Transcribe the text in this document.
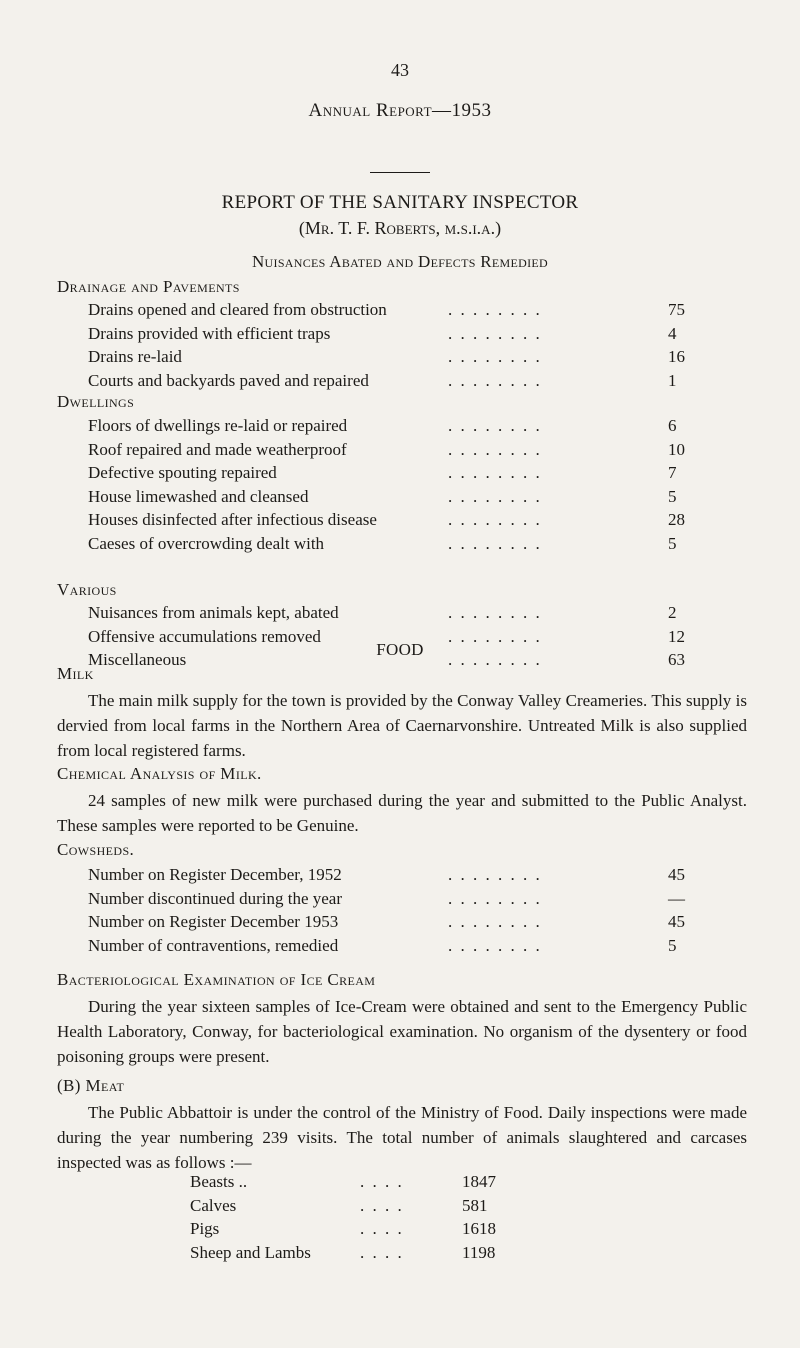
43
Annual Report—1953
REPORT OF THE SANITARY INSPECTOR
(Mr. T. F. Roberts, m.s.i.a.)
Nuisances Abated and Defects Remedied
Drainage and Pavements
Drains opened and cleared from obstruction	. . . . . . . .	75
Drains provided with efficient traps	. . . . . . . .	4
Drains re-laid	. . . . . . . .	16
Courts and backyards paved and repaired	. . . . . . . .	1
Dwellings
Floors of dwellings re-laid or repaired	. . . . . . . .	6
Roof repaired and made weatherproof	. . . . . . . .	10
Defective spouting repaired	. . . . . . . .	7
House limewashed and cleansed	. . . . . . . .	5
Houses disinfected after infectious disease	. . . . . . . .	28
Caeses of overcrowding dealt with	. . . . . . . .	5
Various
Nuisances from animals kept, abated	. . . . . . . .	2
Offensive accumulations removed	. . . . . . . .	12
Miscellaneous	. . . . . . . .	63
FOOD
Milk
The main milk supply for the town is provided by the Conway Valley Creameries. This supply is dervied from local farms in the Northern Area of Caernarvonshire. Untreated Milk is also supplied from local registered farms.
Chemical Analysis of Milk.
24 samples of new milk were purchased during the year and submitted to the Public Analyst. These samples were reported to be Genuine.
Cowsheds.
Number on Register December, 1952	. . . . . . . .	45
Number discontinued during the year	. . . . . . . .	—
Number on Register December 1953	. . . . . . . .	45
Number of contraventions, remedied	. . . . . . . .	5
Bacteriological Examination of Ice Cream
During the year sixteen samples of Ice-Cream were obtained and sent to the Emergency Public Health Laboratory, Conway, for bacteriological examination. No organism of the dysentery or food poisoning groups were present.
(B) Meat
The Public Abbattoir is under the control of the Ministry of Food. Daily inspections were made during the year numbering 239 visits. The total number of animals slaughtered and carcases inspected was as follows :—
Beasts ..	. . . .	1847
Calves	. . . .	581
Pigs	. . . .	1618
Sheep and Lambs	. . . .	1198
